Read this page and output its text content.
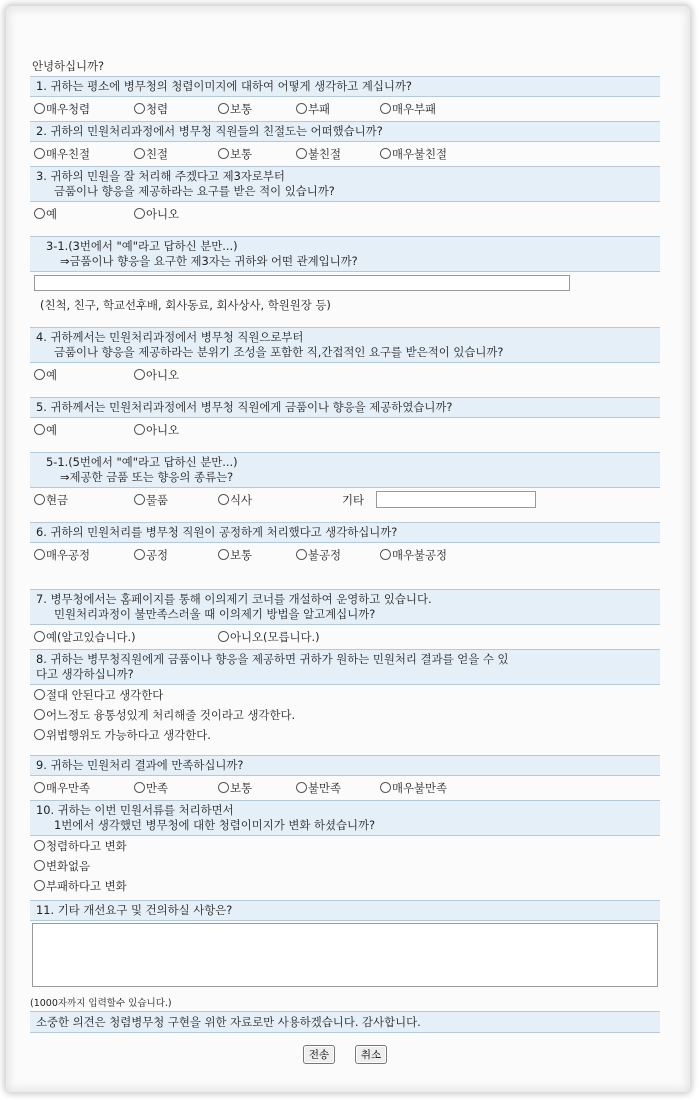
안녕하십니까?
1. 귀하는 평소에 병무청의 청렴이미지에 대하여 어떻게 생각하고 계십니까?
매우청렴	청렴	보통	부패	매우부패
2. 귀하의 민원처리과정에서 병무청 직원들의 친절도는 어떠했습니까?
매우친절	친절	보통	불친절	매우불친절
3. 귀하의 민원을 잘 처리해 주겠다고 제3자로부터
금품이나 향응을 제공하라는 요구를 받은 적이 있습니까?
예	아니오
3-1.(3번에서 "예"라고 답하신 분만...)
⇒금품이나 향응을 요구한 제3자는 귀하와 어떤 관계입니까?
(친척, 친구, 학교선후배, 회사동료, 회사상사, 학원원장 등)
4. 귀하께서는 민원처리과정에서 병무청 직원으로부터
금품이나 향응을 제공하라는 분위기 조성을 포함한 직,간접적인 요구를 받은적이 있습니까?
예	아니오
5. 귀하께서는 민원처리과정에서 병무청 직원에게 금품이나 향응을 제공하였습니까?
예	아니오
5-1.(5번에서 "예"라고 답하신 분만...)
⇒제공한 금품 또는 향응의 종류는?
현금	물품	식사	기타
6. 귀하의 민원처리를 병무청 직원이 공정하게 처리했다고 생각하십니까?
매우공정	공정	보통	불공정	매우불공정
7. 병무청에서는 홈페이지를 통해 이의제기 코너를 개설하여 운영하고 있습니다.
민원처리과정이 불만족스러울 때 이의제기 방법을 알고계십니까?
예(알고있습니다.)	아니오(모릅니다.)
8. 귀하는 병무청직원에게 금품이나 향응을 제공하면 귀하가 원하는 민원처리 결과를 얻을 수 있
다고 생각하십니까?
절대 안된다고 생각한다
어느정도 융통성있게 처리해줄 것이라고 생각한다.
위법행위도 가능하다고 생각한다.
9. 귀하는 민원처리 결과에 만족하십니까?
매우만족	만족	보통	불만족	매우불만족
10. 귀하는 이번 민원서류를 처리하면서
1번에서 생각했던 병무청에 대한 청렴이미지가 변화 하셨습니까?
청렴하다고 변화
변화없음
부패하다고 변화
11. 기타 개선요구 및 건의하실 사항은?
(1000자까지 입력할수 있습니다.)
소중한 의견은 청렴병무청 구현을 위한 자료로만 사용하겠습니다. 감사합니다.
전송	취소
